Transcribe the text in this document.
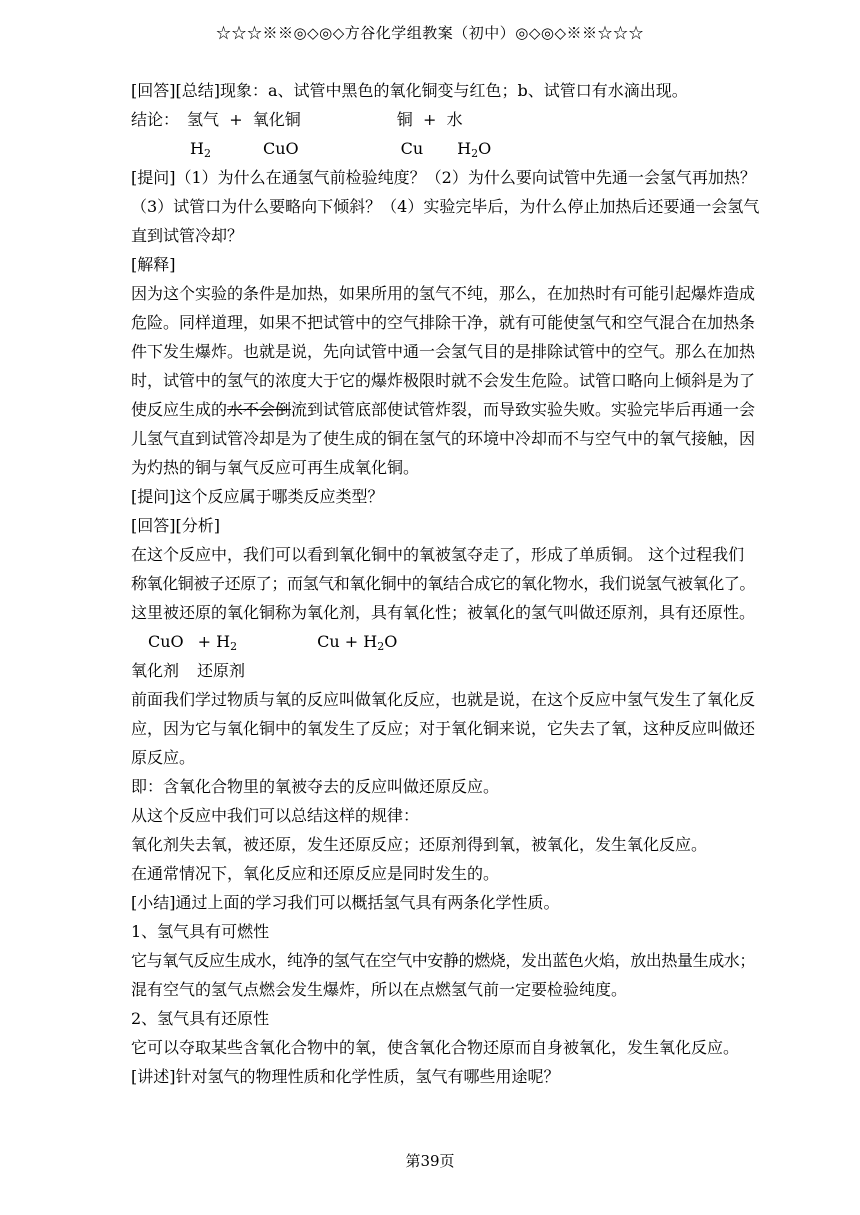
☆☆☆※※◎◇◎◇方谷化学组教案（初中）◎◇◎◇※※☆☆☆
[回答][总结]现象：a、试管中黑色的氧化铜变与红色；b、试管口有水滴出现。
结论： 氢气 + 氧化铜	铜 + 水
H2	CuO	Cu H2O
[提问]（1）为什么在通氢气前检验纯度？（2）为什么要向试管中先通一会氢气再加热？
（3）试管口为什么要略向下倾斜？（4）实验完毕后，为什么停止加热后还要通一会氢气
直到试管冷却？
[解释]
因为这个实验的条件是加热，如果所用的氢气不纯，那么，在加热时有可能引起爆炸造成
危险。同样道理，如果不把试管中的空气排除干净，就有可能使氢气和空气混合在加热条
件下发生爆炸。也就是说，先向试管中通一会氢气目的是排除试管中的空气。那么在加热
时，试管中的氢气的浓度大于它的爆炸极限时就不会发生危险。试管口略向上倾斜是为了
使反应生成的水不会倒流到试管底部使试管炸裂，而导致实验失败。实验完毕后再通一会
儿氢气直到试管冷却是为了使生成的铜在氢气的环境中冷却而不与空气中的氧气接触，因
为灼热的铜与氧气反应可再生成氧化铜。
[提问]这个反应属于哪类反应类型？
[回答][分析]
在这个反应中，我们可以看到氧化铜中的氧被氢夺走了，形成了单质铜。 这个过程我们
称氧化铜被子还原了；而氢气和氧化铜中的氧结合成它的氧化物水，我们说氢气被氧化了。
这里被还原的氧化铜称为氧化剂，具有氧化性；被氧化的氢气叫做还原剂，具有还原性。
CuO + H2	Cu + H2O
氧化剂 还原剂
前面我们学过物质与氧的反应叫做氧化反应，也就是说，在这个反应中氢气发生了氧化反
应，因为它与氧化铜中的氧发生了反应；对于氧化铜来说，它失去了氧，这种反应叫做还
原反应。
即：含氧化合物里的氧被夺去的反应叫做还原反应。
从这个反应中我们可以总结这样的规律：
氧化剂失去氧，被还原，发生还原反应；还原剂得到氧，被氧化，发生氧化反应。
在通常情况下，氧化反应和还原反应是同时发生的。
[小结]通过上面的学习我们可以概括氢气具有两条化学性质。
1、氢气具有可燃性
它与氧气反应生成水，纯净的氢气在空气中安静的燃烧，发出蓝色火焰，放出热量生成水；
混有空气的氢气点燃会发生爆炸，所以在点燃氢气前一定要检验纯度。
2、氢气具有还原性
它可以夺取某些含氧化合物中的氧，使含氧化合物还原而自身被氧化，发生氧化反应。
[讲述]针对氢气的物理性质和化学性质，氢气有哪些用途呢？
第39页
